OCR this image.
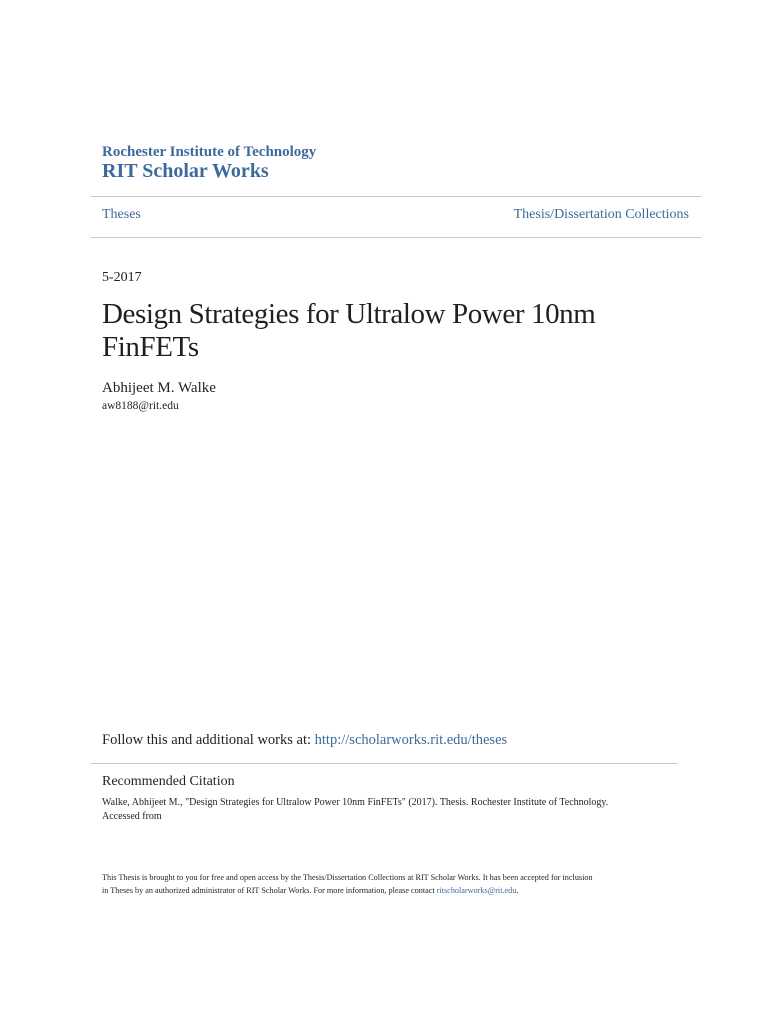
Rochester Institute of Technology
RIT Scholar Works
Theses	Thesis/Dissertation Collections
5-2017
Design Strategies for Ultralow Power 10nm
FinFETs
Abhijeet M. Walke
aw8188@rit.edu
Follow this and additional works at: http://scholarworks.rit.edu/theses
Recommended Citation
Walke, Abhijeet M., "Design Strategies for Ultralow Power 10nm FinFETs" (2017). Thesis. Rochester Institute of Technology.
Accessed from
This Thesis is brought to you for free and open access by the Thesis/Dissertation Collections at RIT Scholar Works. It has been accepted for inclusion
in Theses by an authorized administrator of RIT Scholar Works. For more information, please contact ritscholarworks@rit.edu.
